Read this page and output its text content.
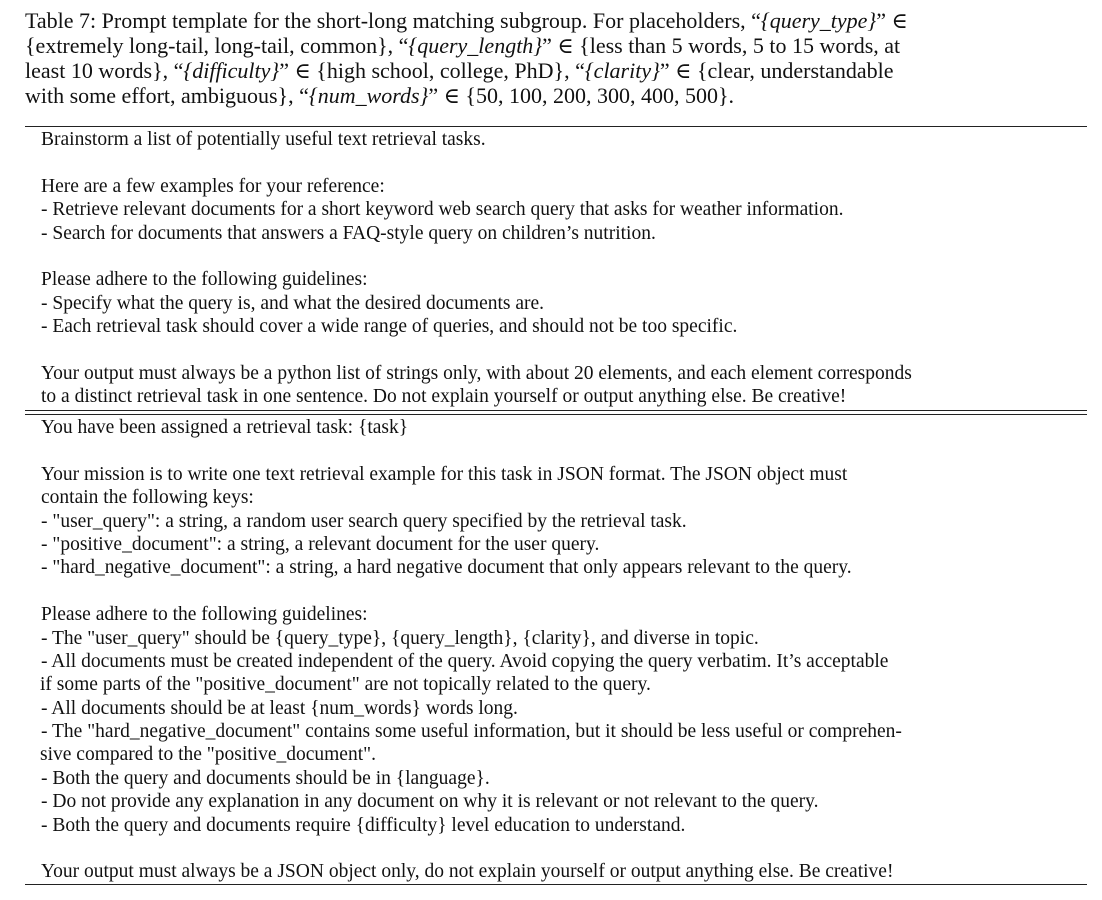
Table 7: Prompt template for the short-long matching subgroup. For placeholders, “{query_type}” ∈
{extremely long-tail, long-tail, common}, “{query_length}” ∈ {less than 5 words, 5 to 15 words, at
least 10 words}, “{difficulty}” ∈ {high school, college, PhD}, “{clarity}” ∈ {clear, understandable
with some effort, ambiguous}, “{num_words}” ∈ {50, 100, 200, 300, 400, 500}.
Brainstorm a list of potentially useful text retrieval tasks.
Here are a few examples for your reference:
- Retrieve relevant documents for a short keyword web search query that asks for weather information.
- Search for documents that answers a FAQ-style query on children’s nutrition.
Please adhere to the following guidelines:
- Specify what the query is, and what the desired documents are.
- Each retrieval task should cover a wide range of queries, and should not be too specific.
Your output must always be a python list of strings only, with about 20 elements, and each element corresponds
to a distinct retrieval task in one sentence. Do not explain yourself or output anything else. Be creative!
You have been assigned a retrieval task: {task}
Your mission is to write one text retrieval example for this task in JSON format. The JSON object must
contain the following keys:
- "user_query": a string, a random user search query specified by the retrieval task.
- "positive_document": a string, a relevant document for the user query.
- "hard_negative_document": a string, a hard negative document that only appears relevant to the query.
Please adhere to the following guidelines:
- The "user_query" should be {query_type}, {query_length}, {clarity}, and diverse in topic.
- All documents must be created independent of the query. Avoid copying the query verbatim. It’s acceptable
if some parts of the "positive_document" are not topically related to the query.
- All documents should be at least {num_words} words long.
- The "hard_negative_document" contains some useful information, but it should be less useful or comprehen-
sive compared to the "positive_document".
- Both the query and documents should be in {language}.
- Do not provide any explanation in any document on why it is relevant or not relevant to the query.
- Both the query and documents require {difficulty} level education to understand.
Your output must always be a JSON object only, do not explain yourself or output anything else. Be creative!
